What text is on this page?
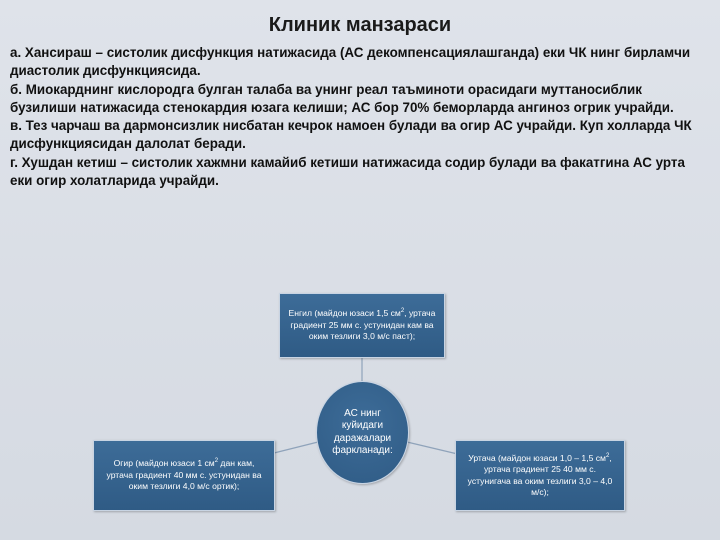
Клиник манзараси

а. Хансираш – систолик дисфункция натижасида (АС декомпенсациялашганда) еки ЧК нинг бирламчи диастолик дисфункциясида.

б. Миокарднинг кислородга булган талаба ва унинг реал таъминоти орасидаги муттаносиблик бузилиши натижасида стенокардия юзага келиши; АС бор 70% беморларда ангиноз огрик учрайди.

в. Тез чарчаш ва дармонсизлик нисбатан кечрок намоен булади ва огир АС учрайди. Куп холларда ЧК дисфункциясидан далолат беради.

г. Хушдан кетиш – систолик хажмни камайиб кетиши натижасида содир булади ва факатгина АС урта еки огир холатларида учрайди.

Енгил (майдон юзаси 1,5 $см^2$, уртача градиент 25 мм с. устунидан кам ва оким тезлиги 3,0 м/с паст);
АС нинг куйидаги даражалари фаркланади:
Огир (майдон юзаси 1 $см^2$ дан кам, уртача градиент 40 мм с. устунидан ва оким тезлиги 4,0 м/с ортик);
Уртача (майдон юзаси 1,0 – 1,5 $см^2$, уртача градиент 25 40 мм с. устунигача ва оким тезлиги 3,0 – 4,0 м/с);
